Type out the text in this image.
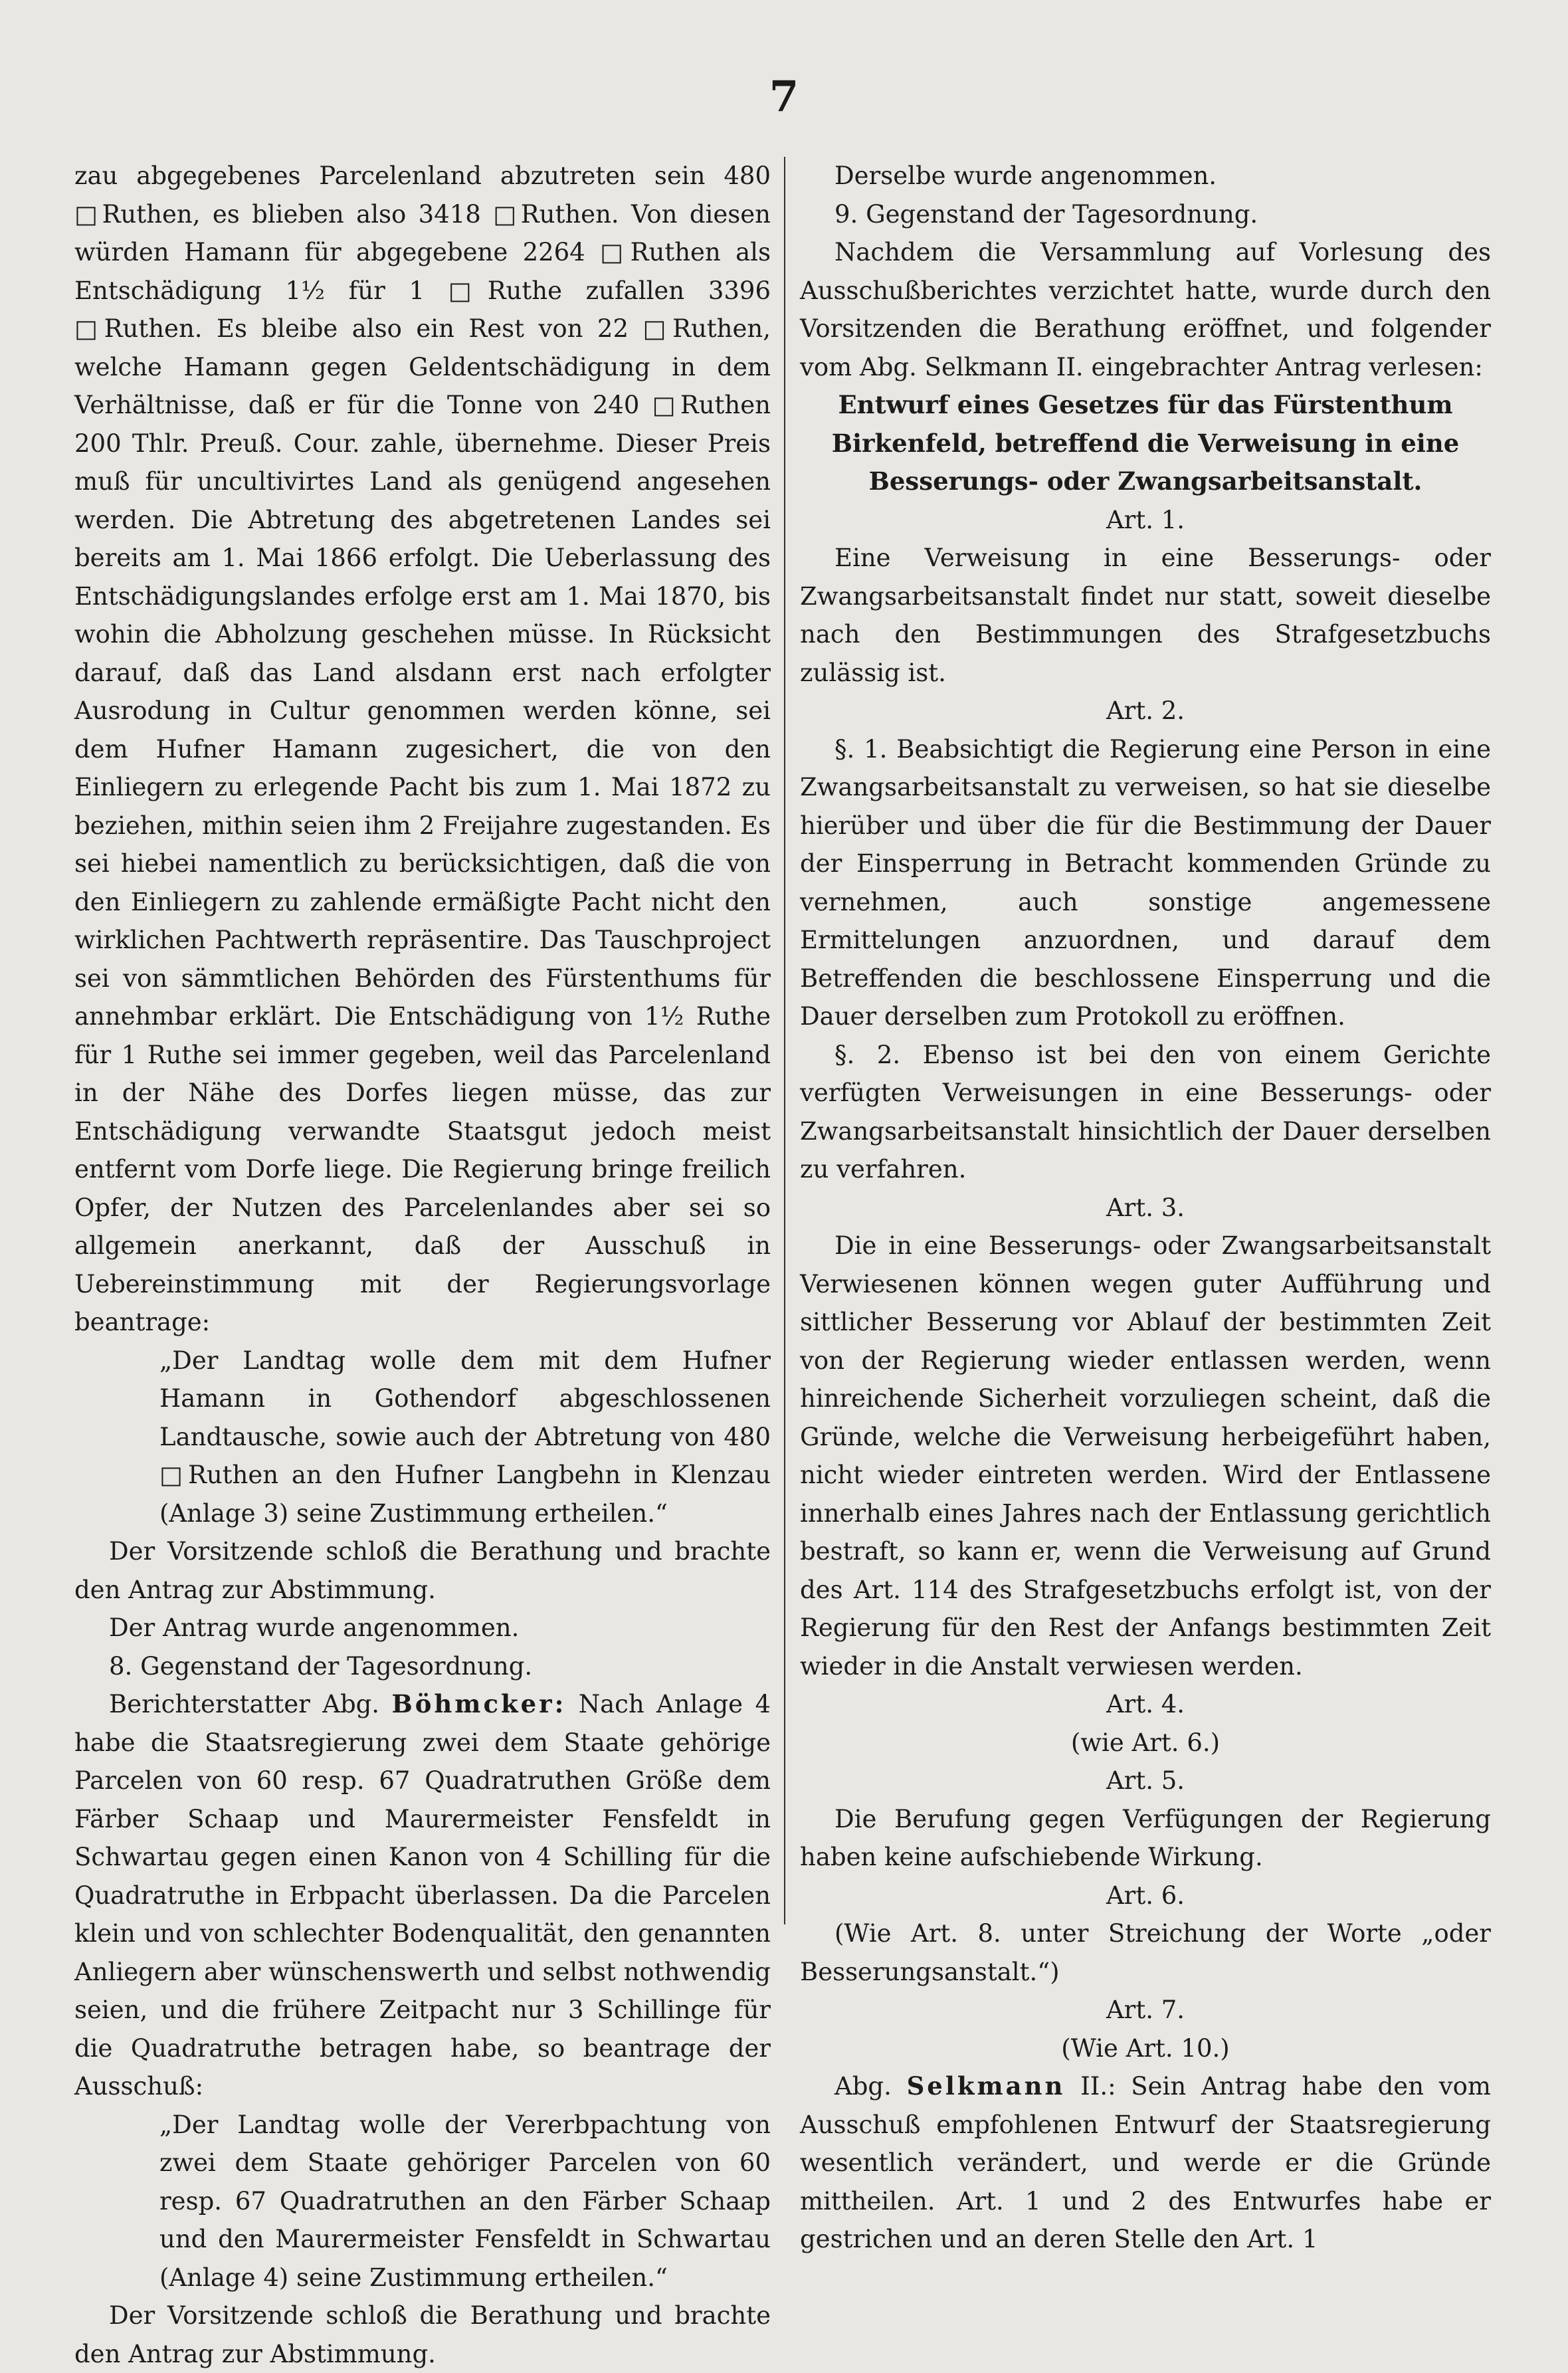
7

zau abgegebenes Parcelenland abzutreten sein 480 □Ruthen, es blieben also 3418 □Ruthen. Von diesen würden Hamann für abgegebene 2264 □Ruthen als Entschädigung 1½ für 1 □Ruthe zufallen 3396 □Ruthen. Es bleibe also ein Rest von 22 □Ruthen, welche Hamann gegen Geldentschädigung in dem Verhältnisse, daß er für die Tonne von 240 □Ruthen 200 Thlr. Preuß. Cour. zahle, übernehme. Dieser Preis muß für uncultivirtes Land als genügend angesehen werden. Die Abtretung des abgetretenen Landes sei bereits am 1. Mai 1866 erfolgt. Die Ueberlassung des Entschädigungslandes erfolge erst am 1. Mai 1870, bis wohin die Abholzung geschehen müsse. In Rücksicht darauf, daß das Land alsdann erst nach erfolgter Ausrodung in Cultur genommen werden könne, sei dem Hufner Hamann zugesichert, die von den Einliegern zu erlegende Pacht bis zum 1. Mai 1872 zu beziehen, mithin seien ihm 2 Freijahre zugestanden. Es sei hiebei namentlich zu berücksichtigen, daß die von den Einliegern zu zahlende ermäßigte Pacht nicht den wirklichen Pachtwerth repräsentire. Das Tauschproject sei von sämmtlichen Behörden des Fürstenthums für annehmbar erklärt. Die Entschädigung von 1½ Ruthe für 1 Ruthe sei immer gegeben, weil das Parcelenland in der Nähe des Dorfes liegen müsse, das zur Entschädigung verwandte Staatsgut jedoch meist entfernt vom Dorfe liege. Die Regierung bringe freilich Opfer, der Nutzen des Parcelenlandes aber sei so allgemein anerkannt, daß der Ausschuß in Uebereinstimmung mit der Regierungsvorlage beantrage:

„Der Landtag wolle dem mit dem Hufner Hamann in Gothendorf abgeschlossenen Landtausche, sowie auch der Abtretung von 480 □Ruthen an den Hufner Langbehn in Klenzau (Anlage 3) seine Zustimmung ertheilen.“

Der Vorsitzende schloß die Berathung und brachte den Antrag zur Abstimmung.

Der Antrag wurde angenommen.

8. Gegenstand der Tagesordnung.

Berichterstatter Abg. Böhmcker: Nach Anlage 4 habe die Staatsregierung zwei dem Staate gehörige Parcelen von 60 resp. 67 Quadratruthen Größe dem Färber Schaap und Maurermeister Fensfeldt in Schwartau gegen einen Kanon von 4 Schilling für die Quadratruthe in Erbpacht überlassen. Da die Parcelen klein und von schlechter Bodenqualität, den genannten Anliegern aber wünschenswerth und selbst nothwendig seien, und die frühere Zeitpacht nur 3 Schillinge für die Quadratruthe betragen habe, so beantrage der Ausschuß:

„Der Landtag wolle der Vererbpachtung von zwei dem Staate gehöriger Parcelen von 60 resp. 67 Quadratruthen an den Färber Schaap und den Maurermeister Fensfeldt in Schwartau (Anlage 4) seine Zustimmung ertheilen.“

Der Vorsitzende schloß die Berathung und brachte den Antrag zur Abstimmung.

Derselbe wurde angenommen.

9. Gegenstand der Tagesordnung.

Nachdem die Versammlung auf Vorlesung des Ausschußberichtes verzichtet hatte, wurde durch den Vorsitzenden die Berathung eröffnet, und folgender vom Abg. Selkmann II. eingebrachter Antrag verlesen:

Entwurf eines Gesetzes für das Fürstenthum Birkenfeld, betreffend die Verweisung in eine Besserungs- oder Zwangsarbeitsanstalt.

Art. 1.

Eine Verweisung in eine Besserungs- oder Zwangsarbeitsanstalt findet nur statt, soweit dieselbe nach den Bestimmungen des Strafgesetzbuchs zulässig ist.

Art. 2.

§. 1. Beabsichtigt die Regierung eine Person in eine Zwangsarbeitsanstalt zu verweisen, so hat sie dieselbe hierüber und über die für die Bestimmung der Dauer der Einsperrung in Betracht kommenden Gründe zu vernehmen, auch sonstige angemessene Ermittelungen anzuordnen, und darauf dem Betreffenden die beschlossene Einsperrung und die Dauer derselben zum Protokoll zu eröffnen.

§. 2. Ebenso ist bei den von einem Gerichte verfügten Verweisungen in eine Besserungs- oder Zwangsarbeitsanstalt hinsichtlich der Dauer derselben zu verfahren.

Art. 3.

Die in eine Besserungs- oder Zwangsarbeitsanstalt Verwiesenen können wegen guter Aufführung und sittlicher Besserung vor Ablauf der bestimmten Zeit von der Regierung wieder entlassen werden, wenn hinreichende Sicherheit vorzuliegen scheint, daß die Gründe, welche die Verweisung herbeigeführt haben, nicht wieder eintreten werden. Wird der Entlassene innerhalb eines Jahres nach der Entlassung gerichtlich bestraft, so kann er, wenn die Verweisung auf Grund des Art. 114 des Strafgesetzbuchs erfolgt ist, von der Regierung für den Rest der Anfangs bestimmten Zeit wieder in die Anstalt verwiesen werden.

Art. 4.

(wie Art. 6.)

Art. 5.

Die Berufung gegen Verfügungen der Regierung haben keine aufschiebende Wirkung.

Art. 6.

(Wie Art. 8. unter Streichung der Worte „oder Besserungsanstalt.“)

Art. 7.

(Wie Art. 10.)

Abg. Selkmann II.: Sein Antrag habe den vom Ausschuß empfohlenen Entwurf der Staatsregierung wesentlich verändert, und werde er die Gründe mittheilen. Art. 1 und 2 des Entwurfes habe er gestrichen und an deren Stelle den Art. 1
